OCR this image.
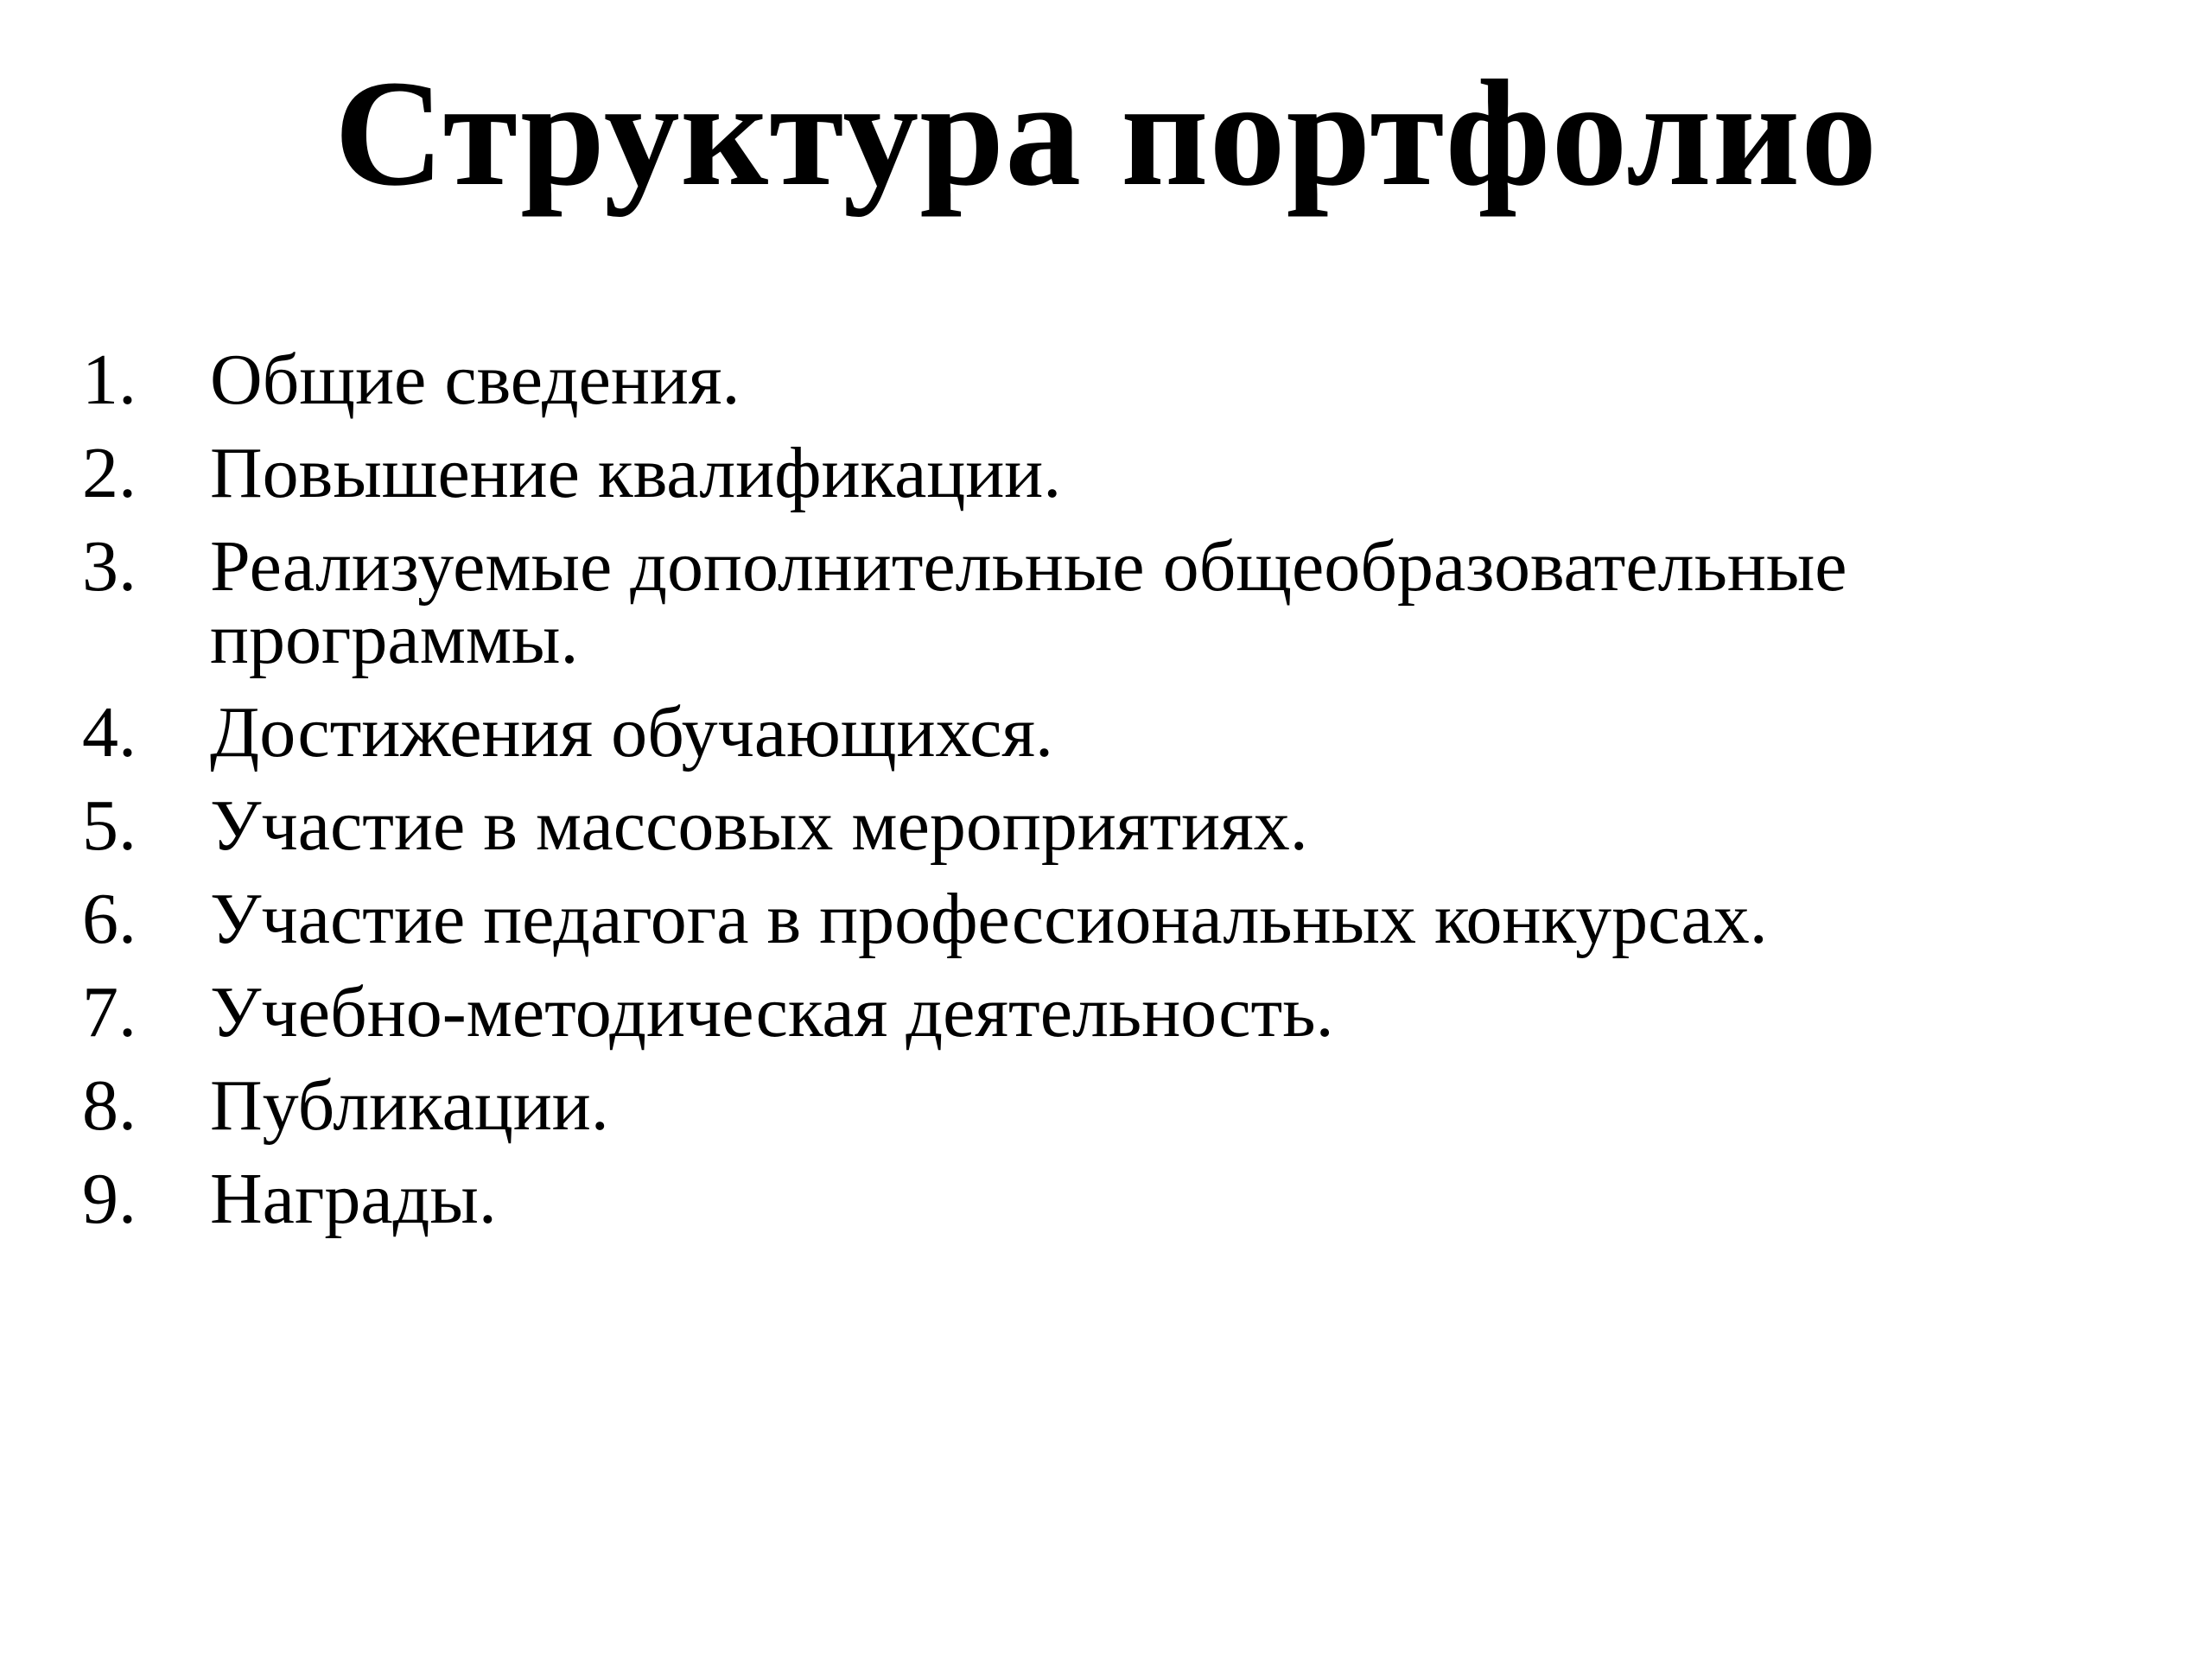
Структура портфолио
1.	Общие сведения.
2.	Повышение квалификации.
3.	Реализуемые дополнительные общеобразовательные программы.
4.	Достижения обучающихся.
5.	Участие в массовых мероприятиях.
6.	Участие педагога в профессиональных конкурсах.
7.	Учебно-методическая деятельность.
8.	Публикации.
9.	Награды.
